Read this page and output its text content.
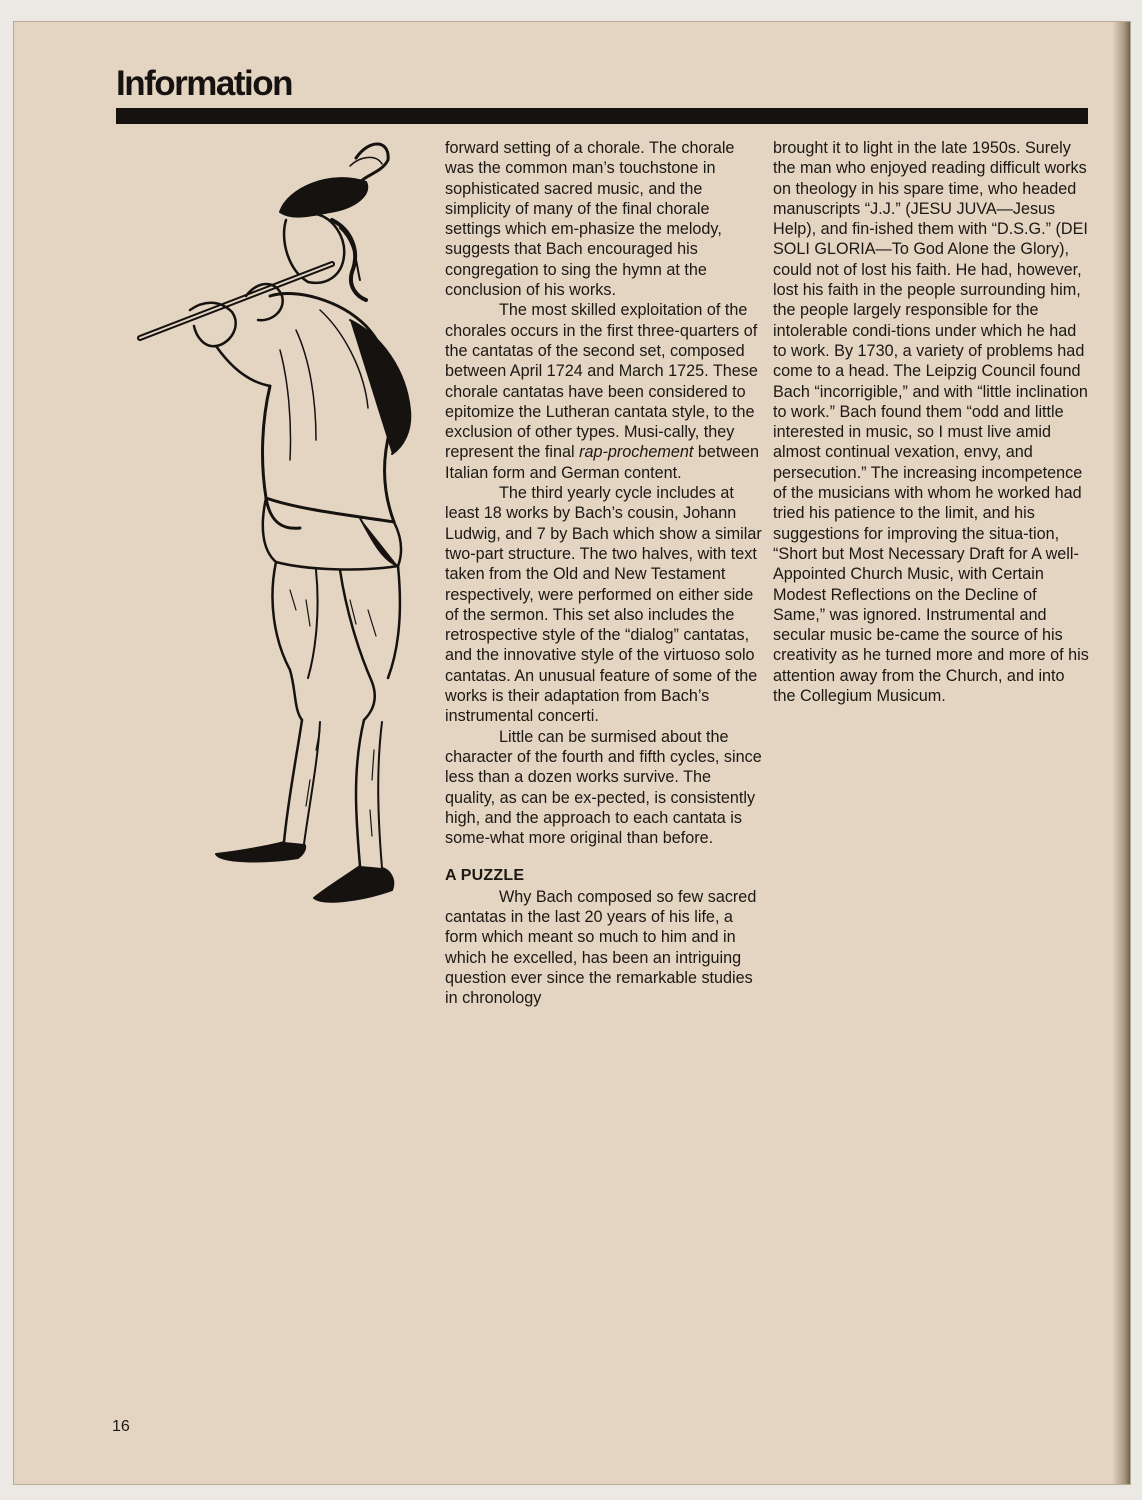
Information

forward setting of a chorale. The chorale was the common man’s touchstone in sophisticated sacred music, and the simplicity of many of the final chorale settings which em-phasize the melody, suggests that Bach encouraged his congregation to sing the hymn at the conclusion of his works.

The most skilled exploitation of the chorales occurs in the first three-quarters of the cantatas of the second set, composed between April 1724 and March 1725. These chorale cantatas have been considered to epitomize the Lutheran cantata style, to the exclusion of other types. Musi-cally, they represent the final rap-prochement between Italian form and German content.

The third yearly cycle includes at least 18 works by Bach’s cousin, Johann Ludwig, and 7 by Bach which show a similar two-part structure. The two halves, with text taken from the Old and New Testament respectively, were performed on either side of the sermon. This set also includes the retrospective style of the “dialog” cantatas, and the innovative style of the virtuoso solo cantatas. An unusual feature of some of the works is their adaptation from Bach’s instrumental concerti.

Little can be surmised about the character of the fourth and fifth cycles, since less than a dozen works survive. The quality, as can be ex-pected, is consistently high, and the approach to each cantata is some-what more original than before.

A PUZZLE

Why Bach composed so few sacred cantatas in the last 20 years of his life, a form which meant so much to him and in which he excelled, has been an intriguing question ever since the remarkable studies in chronology

brought it to light in the late 1950s. Surely the man who enjoyed reading difficult works on theology in his spare time, who headed manuscripts “J.J.” (JESU JUVA—Jesus Help), and fin-ished them with “D.S.G.” (DEI SOLI GLORIA—To God Alone the Glory), could not of lost his faith. He had, however, lost his faith in the people surrounding him, the people largely responsible for the intolerable condi-tions under which he had to work. By 1730, a variety of problems had come to a head. The Leipzig Council found Bach “incorrigible,” and with “little inclination to work.” Bach found them “odd and little interested in music, so I must live amid almost continual vexation, envy, and persecution.” The increasing incompetence of the musicians with whom he worked had tried his patience to the limit, and his suggestions for improving the situa-tion, “Short but Most Necessary Draft for A well-Appointed Church Music, with Certain Modest Reflections on the Decline of Same,” was ignored. Instrumental and secular music be-came the source of his creativity as he turned more and more of his attention away from the Church, and into the Collegium Musicum.

16
